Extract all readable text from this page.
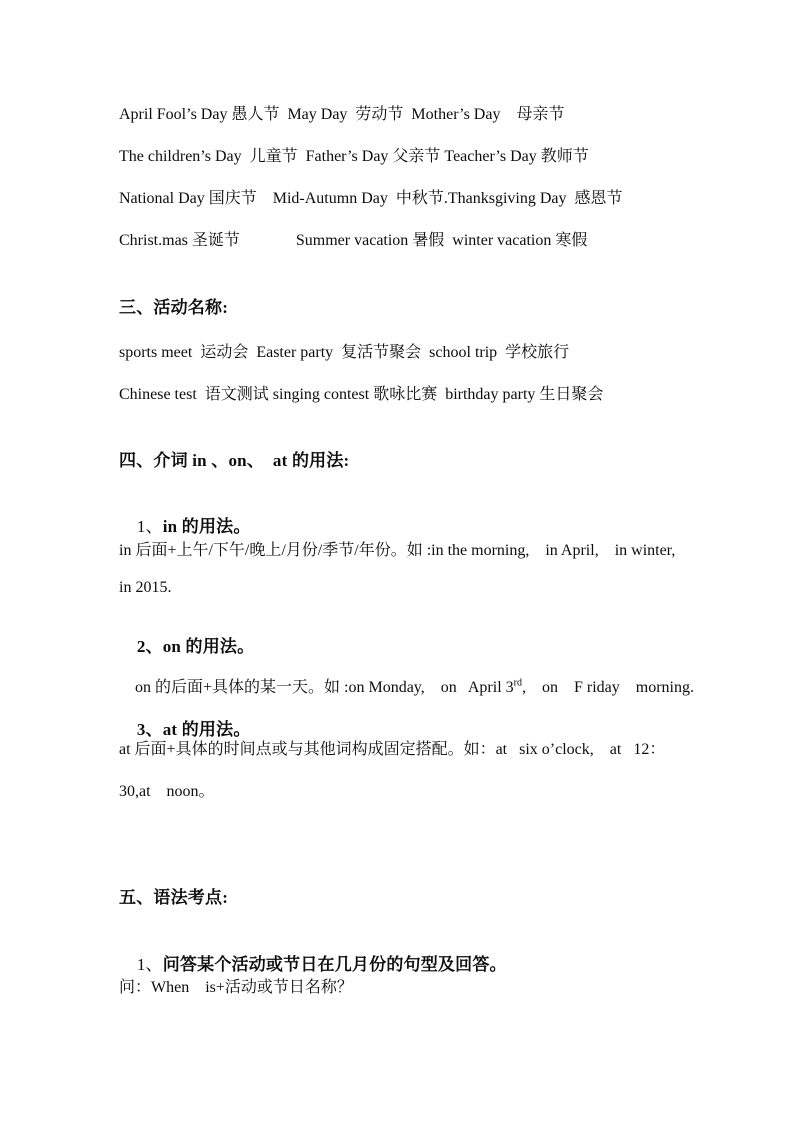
April Fool’s Day 愚人节  May Day  劳动节  Mother’s Day    母亲节
The children’s Day  儿童节  Father’s Day 父亲节 Teacher’s Day 教师节
National Day 国庆节    Mid-Autumn Day  中秋节.Thanksgiving Day  感恩节
Christ.mas 圣诞节              Summer vacation 暑假  winter vacation 寒假
三、活动名称:
sports meet  运动会  Easter party  复活节聚会  school trip  学校旅行
Chinese test  语文测试 singing contest 歌咏比赛  birthday party 生日聚会
四、介词 in 、on、  at 的用法:

1、in 的用法。

in 后面+上午/下午/晚上/月份/季节/年份。如 :in the morning,    in April,    in winter,
in 2015.

2、on 的用法。

on 的后面+具体的某一天。如 :on Monday,    on   April 3rd,    on    F riday    morning.

3、at 的用法。

at 后面+具体的时间点或与其他词构成固定搭配。如：at   six o’clock,    at   12：
30,at    noon。
五、语法考点:

1、问答某个活动或节日在几月份的句型及回答。

问：When    is+活动或节日名称？
